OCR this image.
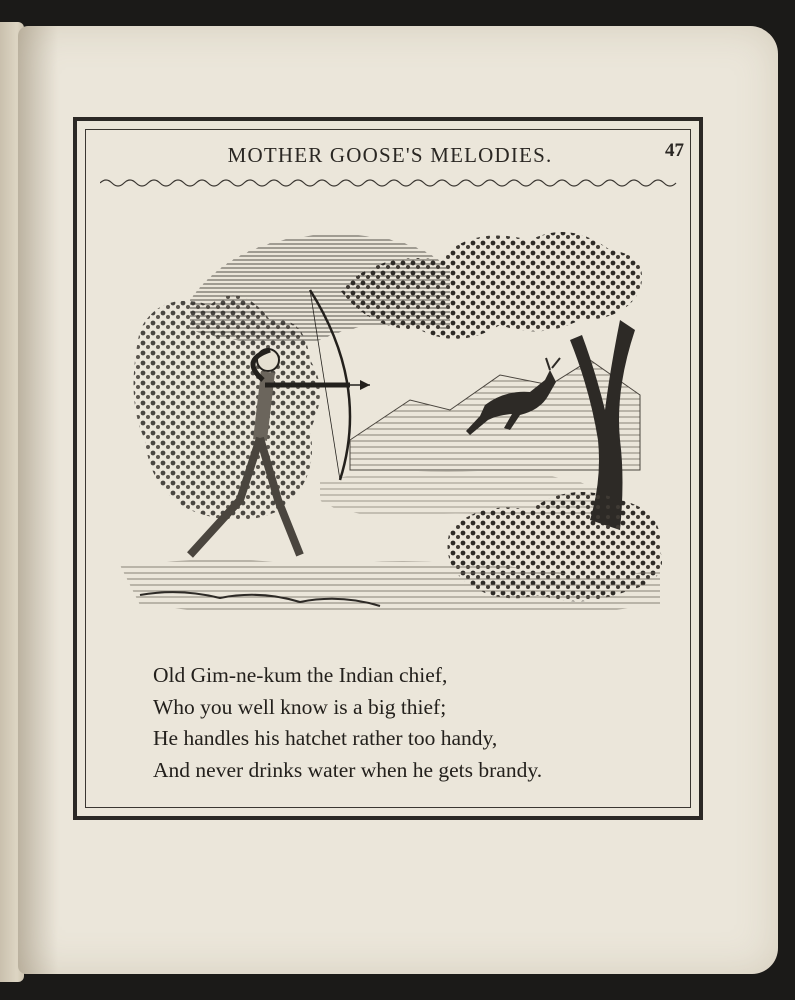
MOTHER GOOSE'S MELODIES.	47
Old Gim-ne-kum the Indian chief,
Who you well know is a big thief;
He handles his hatchet rather too handy,
And never drinks water when he gets brandy.
